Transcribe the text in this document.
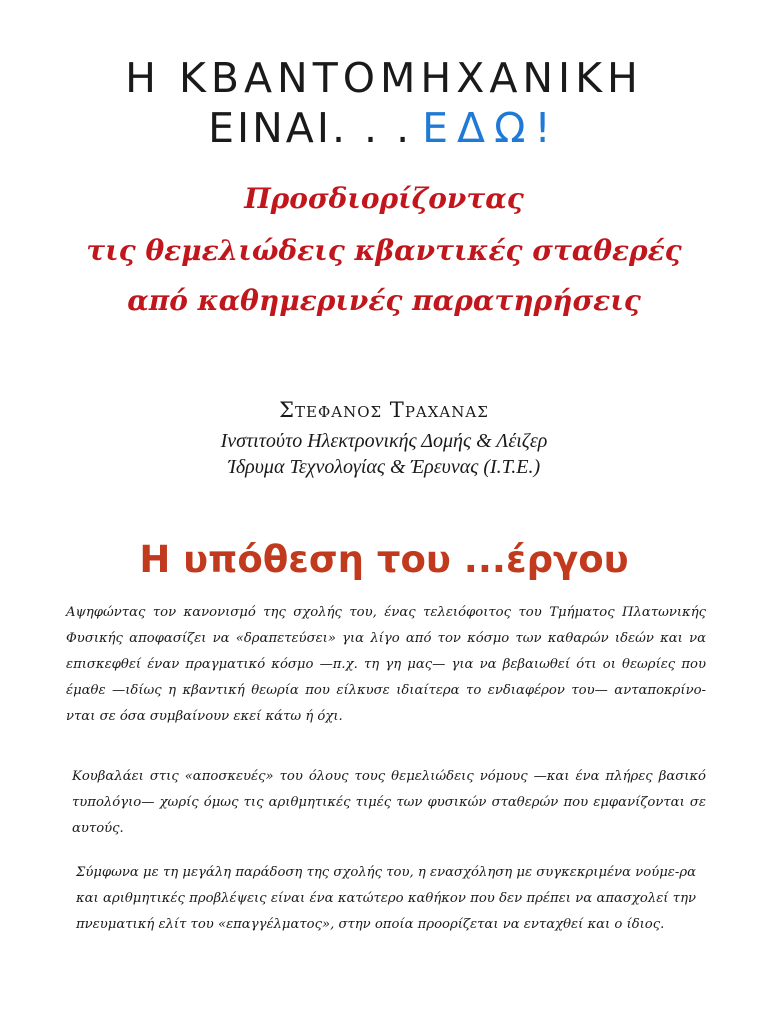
Η ΚΒΑΝΤΟΜΗΧΑΝΙΚΗ
ΕΙΝΑΙ. . . ΕΔΩ!
Προσδιορίζοντας
τις θεμελιώδεις κβαντικές σταθερές
από καθημερινές παρατηρήσεις
Στεφανοσ Τραχανασ
Ινστιτούτο Ηλεκτρονικής Δομής & Λέιζερ
Ίδρυμα Τεχνολογίας & Έρευνας (Ι.Τ.Ε.)
Η υπόθεση του ...έργου
Αψηφώντας τον κανονισμό της σχολής του, ένας τελειόφοιτος του Τμήματος Πλατωνικής Φυσικής αποφασίζει να «δραπετεύσει» για λίγο από τον κόσμο των καθαρών ιδεών και να επισκεφθεί έναν πραγματικό κόσμο —π.χ. τη γη μας— για να βεβαιωθεί ότι οι θεωρίες που έμαθε —ιδίως η κβαντική θεωρία που είλκυσε ιδιαίτερα το ενδιαφέρον του— ανταποκρίνο-νται σε όσα συμβαίνουν εκεί κάτω ή όχι.
Κουβαλάει στις «αποσκευές» του όλους τους θεμελιώδεις νόμους —και ένα πλήρες βασικό τυπολόγιο— χωρίς όμως τις αριθμητικές τιμές των φυσικών σταθερών που εμφανίζονται σε αυτούς.
Σύμφωνα με τη μεγάλη παράδοση της σχολής του, η ενασχόληση με συγκεκριμένα νούμε-ρα και αριθμητικές προβλέψεις είναι ένα κατώτερο καθήκον που δεν πρέπει να απασχολεί την πνευματική ελίτ του «επαγγέλματος», στην οποία προορίζεται να ενταχθεί και ο ίδιος.
